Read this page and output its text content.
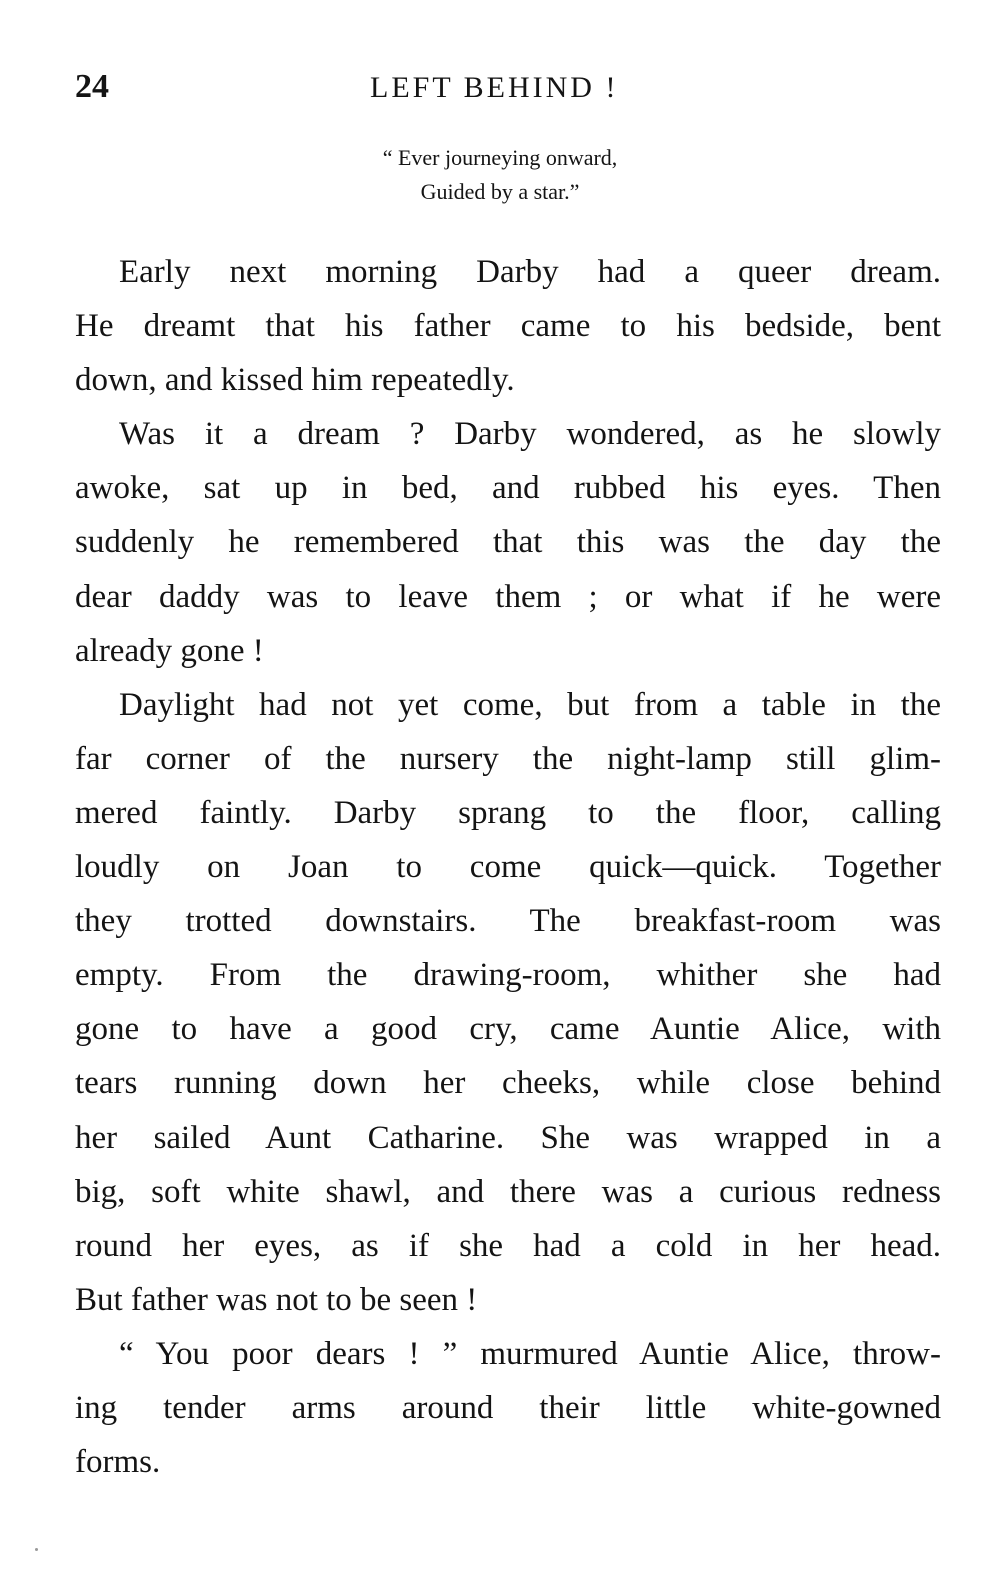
24	LEFT BEHIND !
“ Ever journeying onward,
Guided by a star.”
Early next morning Darby had a queer dream.
He dreamt that his father came to his bedside, bent
down, and kissed him repeatedly.
Was it a dream ? Darby wondered, as he slowly
awoke, sat up in bed, and rubbed his eyes. Then
suddenly he remembered that this was the day the
dear daddy was to leave them ; or what if he were
already gone !
Daylight had not yet come, but from a table in the
far corner of the nursery the night-lamp still glim-
mered faintly. Darby sprang to the floor, calling
loudly on Joan to come quick—quick. Together
they trotted downstairs. The breakfast-room was
empty. From the drawing-room, whither she had
gone to have a good cry, came Auntie Alice, with
tears running down her cheeks, while close behind
her sailed Aunt Catharine. She was wrapped in a
big, soft white shawl, and there was a curious redness
round her eyes, as if she had a cold in her head.
But father was not to be seen !
“ You poor dears ! ” murmured Auntie Alice, throw-
ing tender arms around their little white-gowned
forms.
